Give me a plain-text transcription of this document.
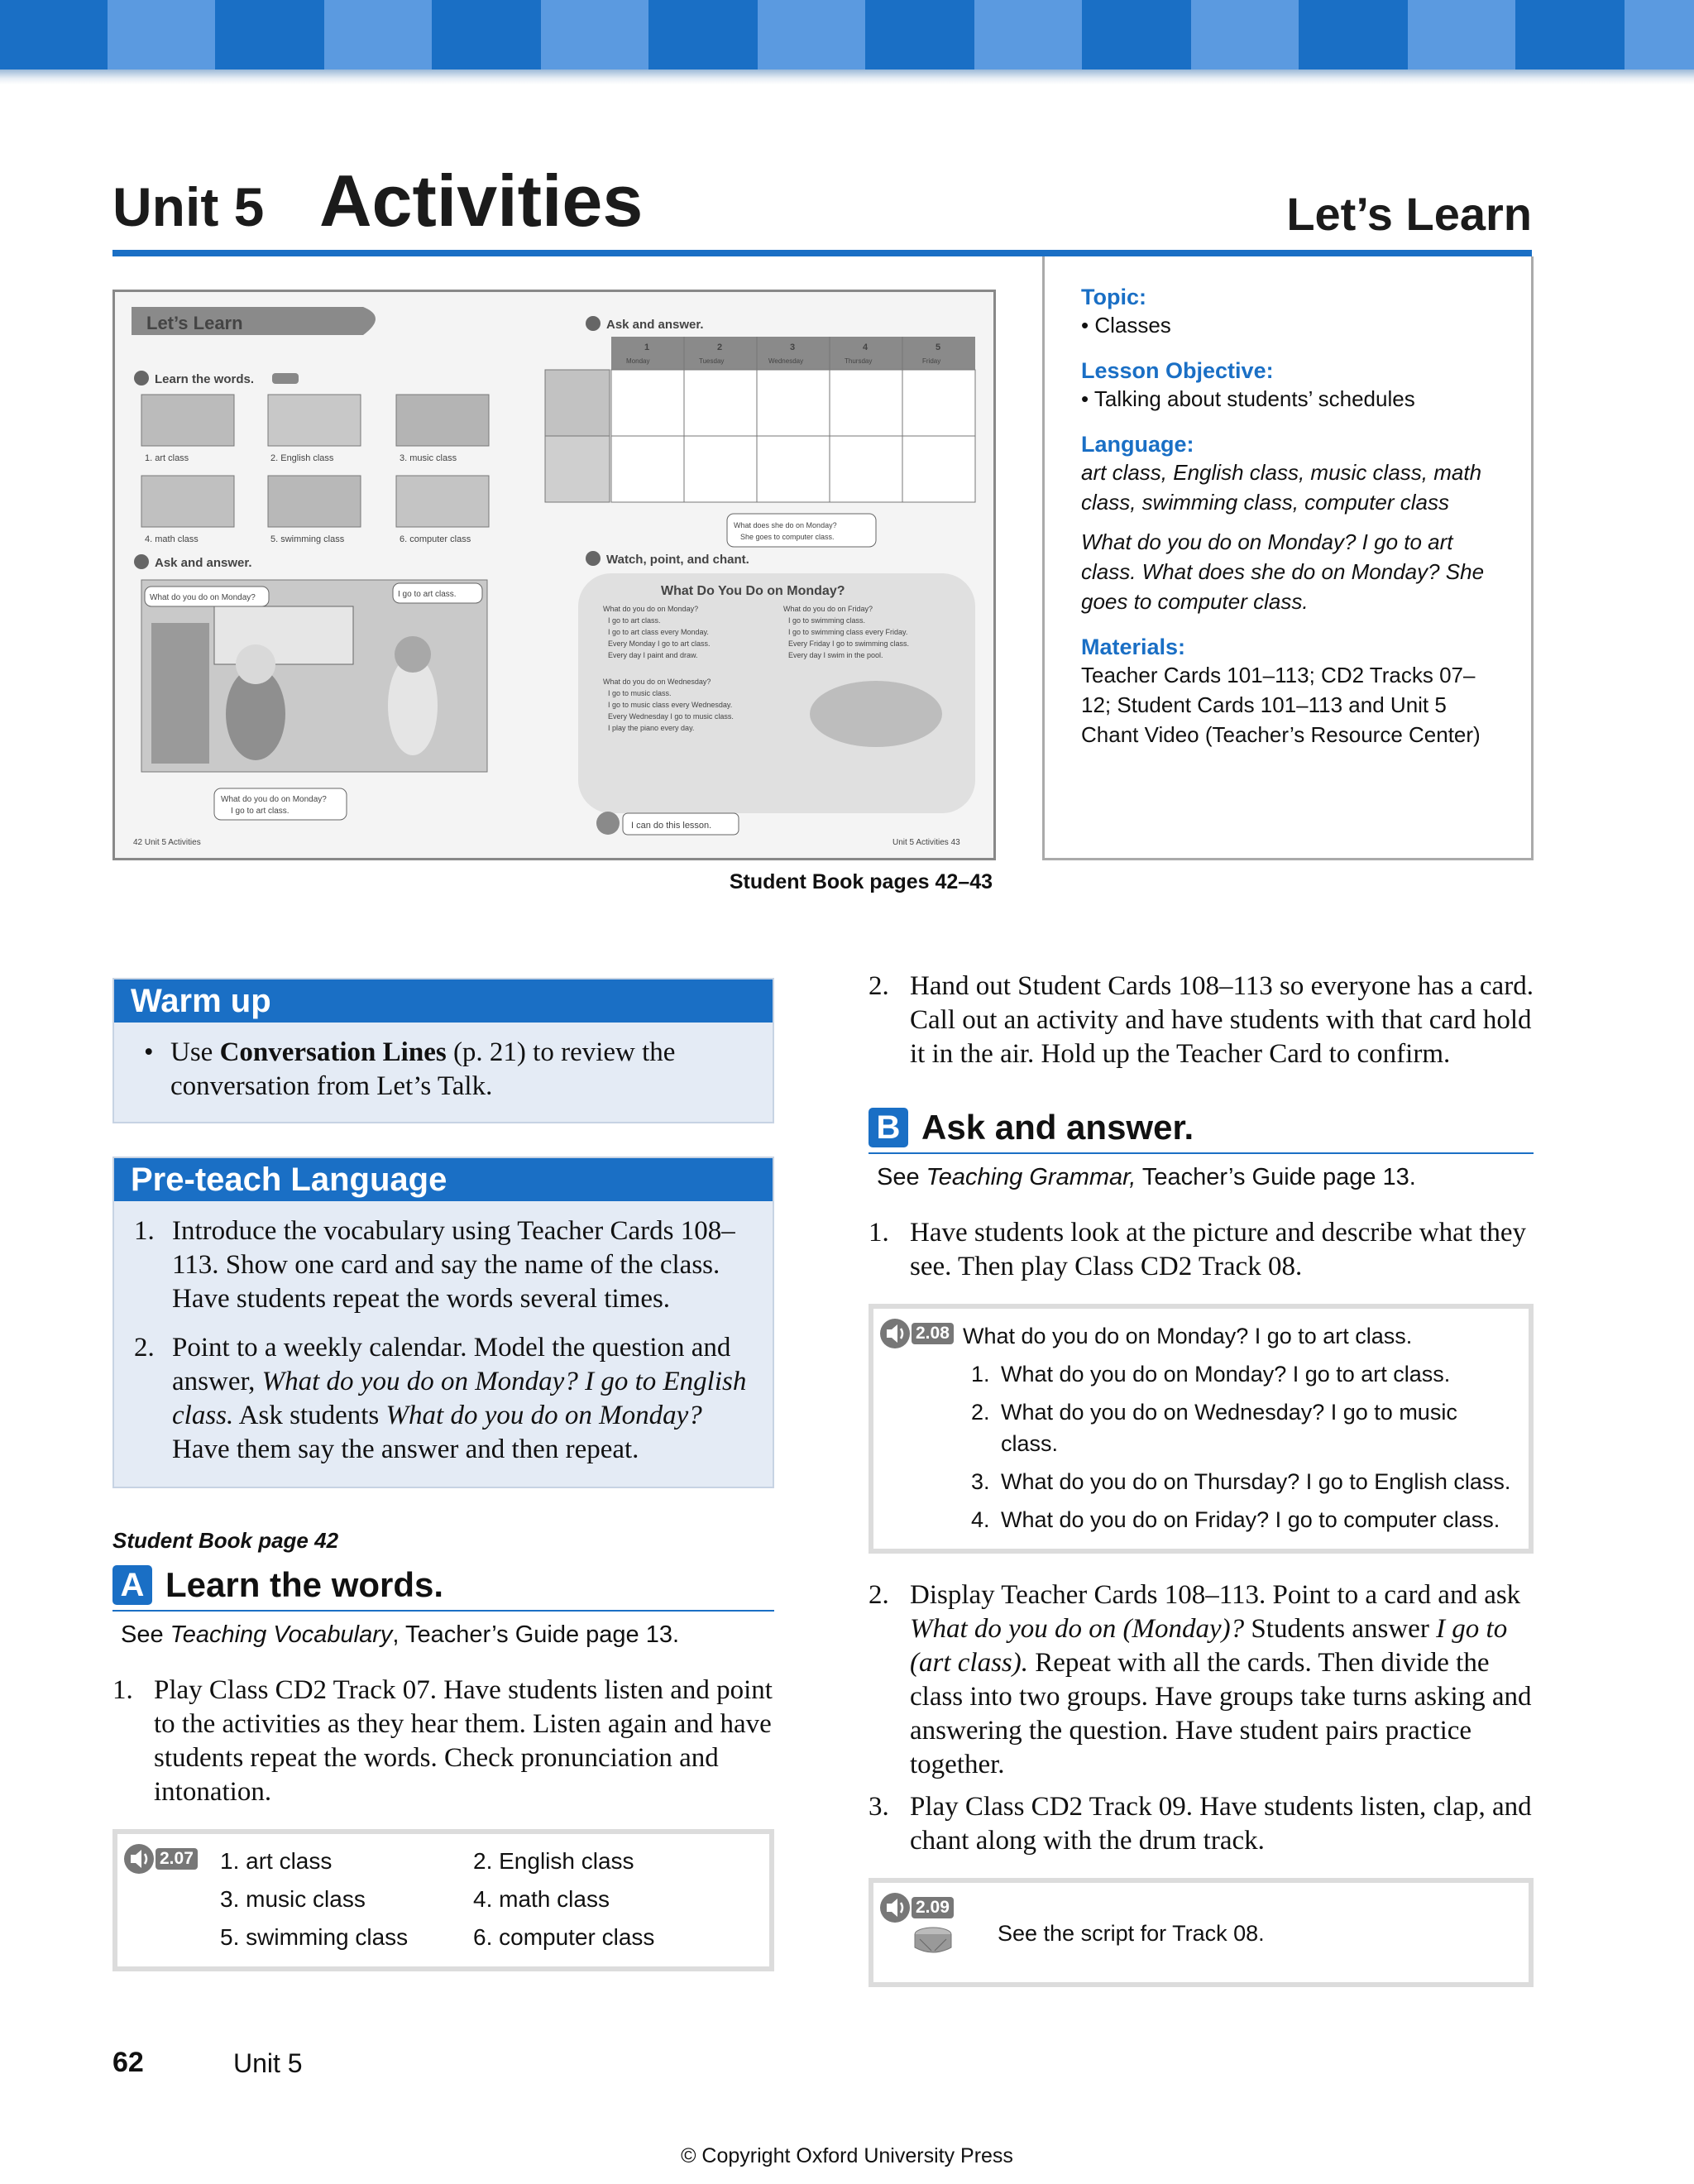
Unit 5 Activities	Let’s Learn
Let’s Learn
Learn the words.
1. art class	2. English class	3. music class
4. math class	5. swimming class	6. computer class
Ask and answer.
What do you do on Monday?	I go to art class.
What do you do on Monday?
I go to art class.
42 Unit 5 Activities
Ask and answer.
1	2	3	4	5
Monday	Tuesday	Wednesday	Thursday	Friday
What does she do on Monday?
She goes to computer class.
Watch, point, and chant.
What Do You Do on Monday?
What do you do on Monday?
I go to art class.
I go to art class every Monday.
Every Monday I go to art class.
Every day I paint and draw.
What do you do on Friday?
I go to swimming class.
I go to swimming class every Friday.
Every Friday I go to swimming class.
Every day I swim in the pool.
What do you do on Wednesday?
I go to music class.
I go to music class every Wednesday.
Every Wednesday I go to music class.
I play the piano every day.
I can do this lesson.
Unit 5 Activities 43
Student Book pages 42–43
Topic:
• Classes
Lesson Objective:
• Talking about students’ schedules
Language:
art class, English class, music class, math class, swimming class, computer class
What do you do on Monday? I go to art class. What does she do on Monday? She goes to computer class.
Materials:
Teacher Cards 101–113; CD2 Tracks 07–12; Student Cards 101–113 and Unit 5 Chant Video (Teacher’s Resource Center)
Warm up
• Use Conversation Lines (p. 21) to review the conversation from Let’s Talk.
Pre-teach Language
1. Introduce the vocabulary using Teacher Cards 108–113. Show one card and say the name of the class. Have students repeat the words several times.
2. Point to a weekly calendar. Model the question and answer, What do you do on Monday? I go to English class. Ask students What do you do on Monday? Have them say the answer and then repeat.
Student Book page 42
A Learn the words.
See Teaching Vocabulary, Teacher’s Guide page 13.
1. Play Class CD2 Track 07. Have students listen and point to the activities as they hear them. Listen again and have students repeat the words. Check pronunciation and intonation.
2.07 1. art class	2. English class
3. music class	4. math class
5. swimming class	6. computer class
2. Hand out Student Cards 108–113 so everyone has a card. Call out an activity and have students with that card hold it in the air. Hold up the Teacher Card to confirm.
B Ask and answer.
See Teaching Grammar, Teacher’s Guide page 13.
1. Have students look at the picture and describe what they see. Then play Class CD2 Track 08.
2.08 What do you do on Monday? I go to art class.
1. What do you do on Monday? I go to art class.
2. What do you do on Wednesday? I go to music class.
3. What do you do on Thursday? I go to English class.
4. What do you do on Friday? I go to computer class.
2. Display Teacher Cards 108–113. Point to a card and ask What do you do on (Monday)? Students answer I go to (art class). Repeat with all the cards. Then divide the class into two groups. Have groups take turns asking and answering the question. Have student pairs practice together.
3. Play Class CD2 Track 09. Have students listen, clap, and chant along with the drum track.
2.09
See the script for Track 08.
62	Unit 5
© Copyright Oxford University Press
